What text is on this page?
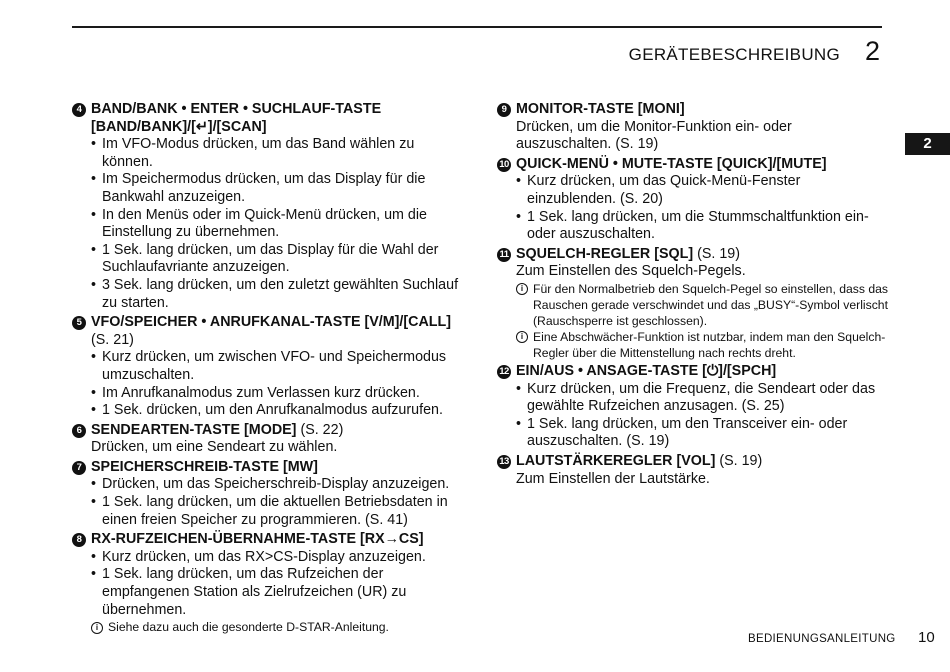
GERÄTEBESCHREIBUNG 2
2
4 BAND/BANK • ENTER • SUCHLAUF-TASTE
[BAND/BANK]/[↵]/[SCAN]
• Im VFO-Modus drücken, um das Band wählen zu können.
• Im Speichermodus drücken, um das Display für die Bankwahl anzuzeigen.
• In den Menüs oder im Quick-Menü drücken, um die Einstellung zu übernehmen.
• 1 Sek. lang drücken, um das Display für die Wahl der Suchlaufavriante anzuzeigen.
• 3 Sek. lang drücken, um den zuletzt gewählten Suchlauf zu starten.
5 VFO/SPEICHER • ANRUFKANAL-TASTE [V/M]/[CALL] (S. 21)
• Kurz drücken, um zwischen VFO- und Speichermodus umzuschalten.
• Im Anrufkanalmodus zum Verlassen kurz drücken.
• 1 Sek. drücken, um den Anrufkanalmodus aufzurufen.
6 SENDEARTEN-TASTE [MODE] (S. 22)
Drücken, um eine Sendeart zu wählen.
7 SPEICHERSCHREIB-TASTE [MW]
• Drücken, um das Speicherschreib-Display anzuzeigen.
• 1 Sek. lang drücken, um die aktuellen Betriebsdaten in einen freien Speicher zu programmieren. (S. 41)
8 RX-RUFZEICHEN-ÜBERNAHME-TASTE [RX→CS]
• Kurz drücken, um das RX>CS-Display anzuzeigen.
• 1 Sek. lang drücken, um das Rufzeichen der empfangenen Station als Zielrufzeichen (UR) zu übernehmen.
i Siehe dazu auch die gesonderte D-STAR-Anleitung.
9 MONITOR-TASTE [MONI]
Drücken, um die Monitor-Funktion ein- oder auszuschalten. (S. 19)
10 QUICK-MENÜ • MUTE-TASTE [QUICK]/[MUTE]
• Kurz drücken, um das Quick-Menü-Fenster einzublenden. (S. 20)
• 1 Sek. lang drücken, um die Stummschaltfunktion ein- oder auszuschalten.
11 SQUELCH-REGLER [SQL] (S. 19)
Zum Einstellen des Squelch-Pegels.
i Für den Normalbetrieb den Squelch-Pegel so einstellen, dass das Rauschen gerade verschwindet und das „BUSY“-Symbol verlischt (Rauschsperre ist geschlossen).
i Eine Abschwächer-Funktion ist nutzbar, indem man den Squelch-Regler über die Mittenstellung nach rechts dreht.
12 EIN/AUS • ANSAGE-TASTE [⏻]/[SPCH]
• Kurz drücken, um die Frequenz, die Sendeart oder das gewählte Rufzeichen anzusagen. (S. 25)
• 1 Sek. lang drücken, um den Transceiver ein- oder auszuschalten. (S. 19)
13 LAUTSTÄRKEREGLER [VOL] (S. 19)
Zum Einstellen der Lautstärke.
BEDIENUNGSANLEITUNG 10
